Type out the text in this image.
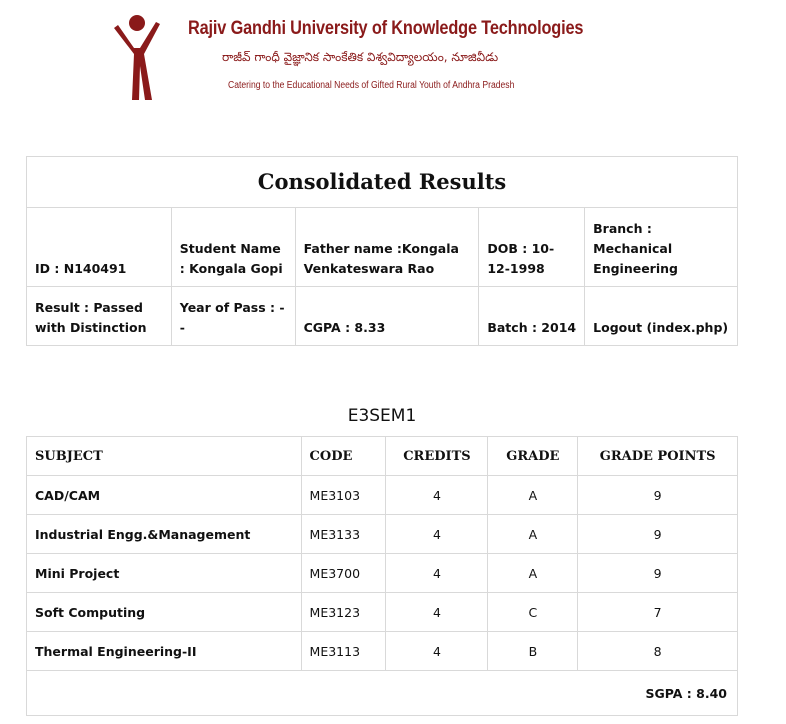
Rajiv Gandhi University of Knowledge Technologies
రాజీవ్ గాంధీ వైజ్ఞానిక సాంకేతిక విశ్వవిద్యాలయం, నూజివీడు
Catering to the Educational Needs of Gifted Rural Youth of Andhra Pradesh
Consolidated Results				
ID : N140491	Student Name : Kongala Gopi	Father name :Kongala Venkateswara Rao	DOB : 10-12-1998	Branch : Mechanical Engineering
Result : Passed with Distinction	Year of Pass : --	CGPA : 8.33	Batch : 2014	Logout (index.php)
E3SEM1
SUBJECT	CODE	CREDITS	GRADE	GRADE POINTS
CAD/CAM	ME3103	4	A	9
Industrial Engg.&Management	ME3133	4	A	9
Mini Project	ME3700	4	A	9
Soft Computing	ME3123	4	C	7
Thermal Engineering-II	ME3113	4	B	8
SGPA : 8.40				
